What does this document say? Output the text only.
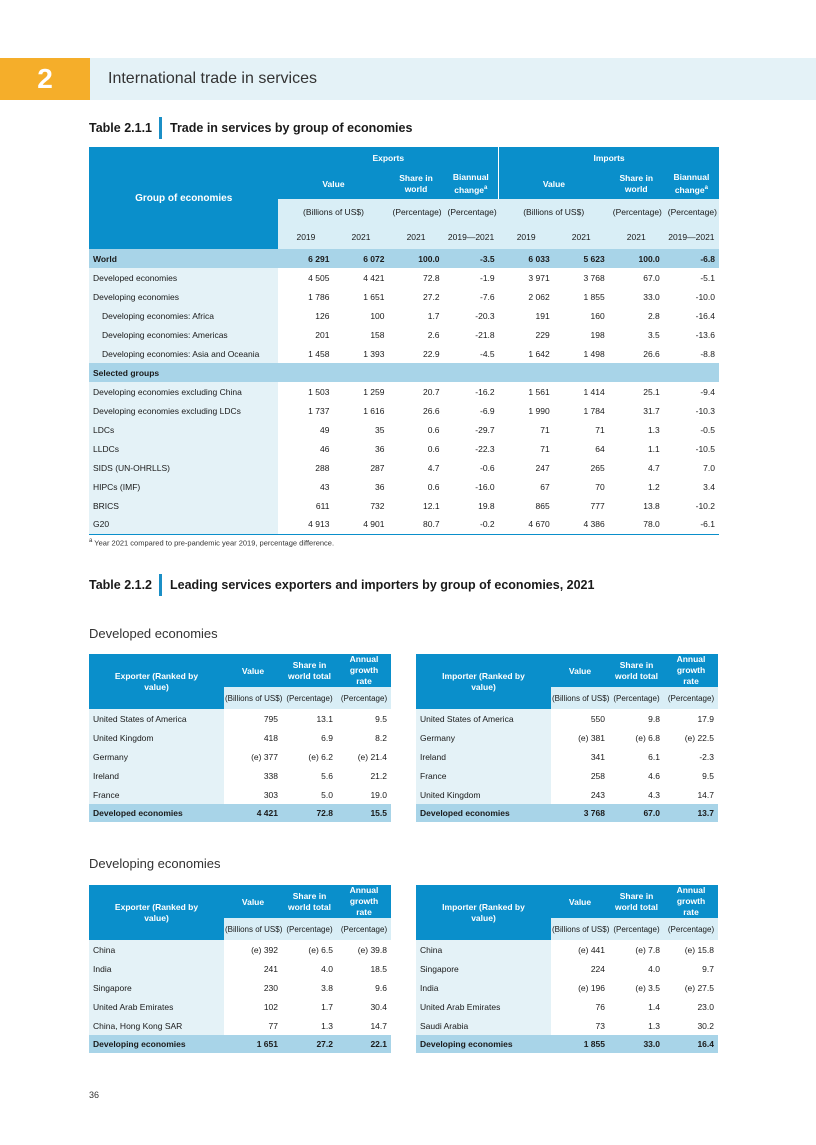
2	International trade in services
Table 2.1.1 Trade in services by group of economies
Group of economies	Exports				Imports			
	Value		Share in world	Biannual change$^a$	Value		Share in world	Biannual change$^a$
	(Billions of US$)		(Percentage)	(Percentage)	(Billions of US$)		(Percentage)	(Percentage)
	2019	2021	2021	2019—2021	2019	2021	2021	2019—2021
World	6 291	6 072	100.0	-3.5	6 033	5 623	100.0	-6.8
Developed economies	4 505	4 421	72.8	-1.9	3 971	3 768	67.0	-5.1
Developing economies	1 786	1 651	27.2	-7.6	2 062	1 855	33.0	-10.0
Developing economies: Africa	126	100	1.7	-20.3	191	160	2.8	-16.4
Developing economies: Americas	201	158	2.6	-21.8	229	198	3.5	-13.6
Developing economies: Asia and Oceania	1 458	1 393	22.9	-4.5	1 642	1 498	26.6	-8.8
Selected groups								
Developing economies excluding China	1 503	1 259	20.7	-16.2	1 561	1 414	25.1	-9.4
Developing economies excluding LDCs	1 737	1 616	26.6	-6.9	1 990	1 784	31.7	-10.3
LDCs	49	35	0.6	-29.7	71	71	1.3	-0.5
LLDCs	46	36	0.6	-22.3	71	64	1.1	-10.5
SIDS (UN-OHRLLS)	288	287	4.7	-0.6	247	265	4.7	7.0
HIPCs (IMF)	43	36	0.6	-16.0	67	70	1.2	3.4
BRICS	611	732	12.1	19.8	865	777	13.8	-10.2
G20	4 913	4 901	80.7	-0.2	4 670	4 386	78.0	-6.1
$^a$ Year 2021 compared to pre-pandemic year 2019, percentage difference.
Table 2.1.2 Leading services exporters and importers by group of economies, 2021
Developed economies
Developing economies
Exporter (Ranked by value)	Value	Share in world total	Annual growth rate
	(Billions of US$)	(Percentage)	(Percentage)
United States of America	795	13.1	9.5
United Kingdom	418	6.9	8.2
Germany	(e) 377	(e) 6.2	(e) 21.4
Ireland	338	5.6	21.2
France	303	5.0	19.0
Developed economies	4 421	72.8	15.5
Importer (Ranked by value)	Value	Share in world total	Annual growth rate
	(Billions of US$)	(Percentage)	(Percentage)
United States of America	550	9.8	17.9
Germany	(e) 381	(e) 6.8	(e) 22.5
Ireland	341	6.1	-2.3
France	258	4.6	9.5
United Kingdom	243	4.3	14.7
Developed economies	3 768	67.0	13.7
Exporter (Ranked by value)	Value	Share in world total	Annual growth rate
	(Billions of US$)	(Percentage)	(Percentage)
China	(e) 392	(e) 6.5	(e) 39.8
India	241	4.0	18.5
Singapore	230	3.8	9.6
United Arab Emirates	102	1.7	30.4
China, Hong Kong SAR	77	1.3	14.7
Developing economies	1 651	27.2	22.1
Importer (Ranked by value)	Value	Share in world total	Annual growth rate
	(Billions of US$)	(Percentage)	(Percentage)
China	(e) 441	(e) 7.8	(e) 15.8
Singapore	224	4.0	9.7
India	(e) 196	(e) 3.5	(e) 27.5
United Arab Emirates	76	1.4	23.0
Saudi Arabia	73	1.3	30.2
Developing economies	1 855	33.0	16.4
36
